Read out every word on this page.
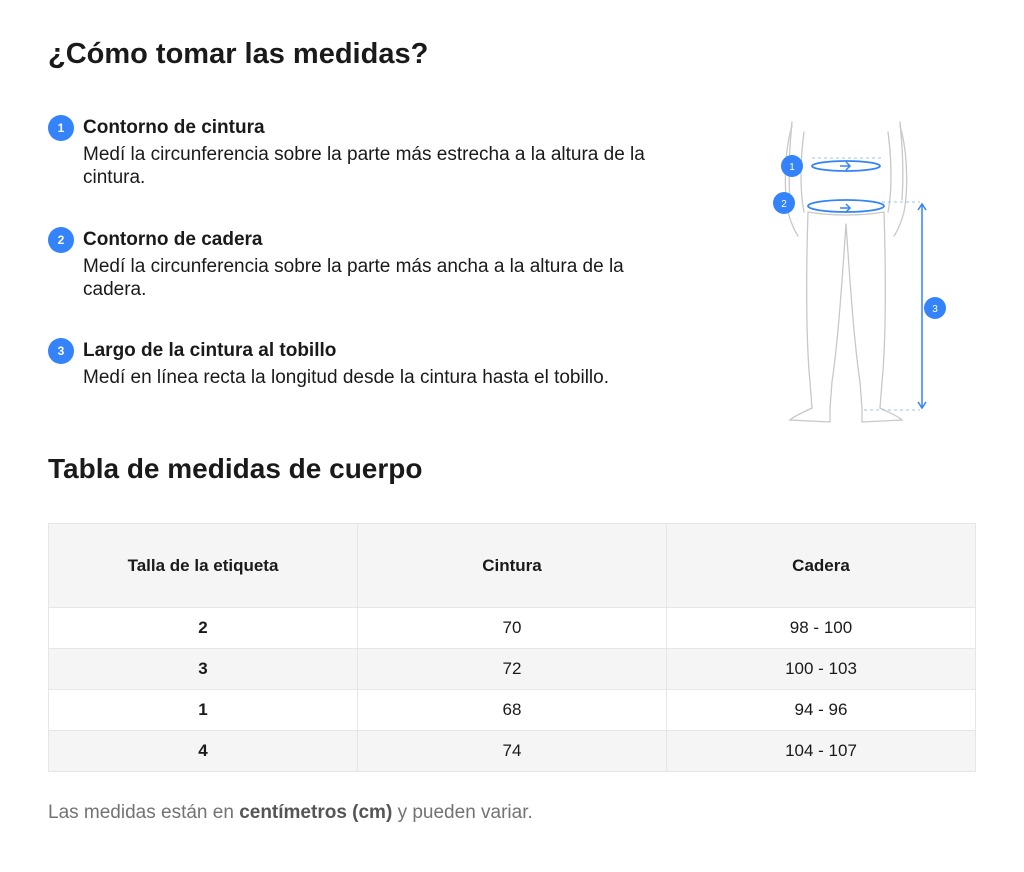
¿Cómo tomar las medidas?
1 Contorno de cintura
Medí la circunferencia sobre la parte más estrecha a la altura de la cintura.
2 Contorno de cadera
Medí la circunferencia sobre la parte más ancha a la altura de la cadera.
3 Largo de la cintura al tobillo
Medí en línea recta la longitud desde la cintura hasta el tobillo.
1
2
3
Tabla de medidas de cuerpo
Talla de la etiqueta	Cintura	Cadera
2	70	98 - 100
3	72	100 - 103
1	68	94 - 96
4	74	104 - 107
Las medidas están en centímetros (cm) y pueden variar.
